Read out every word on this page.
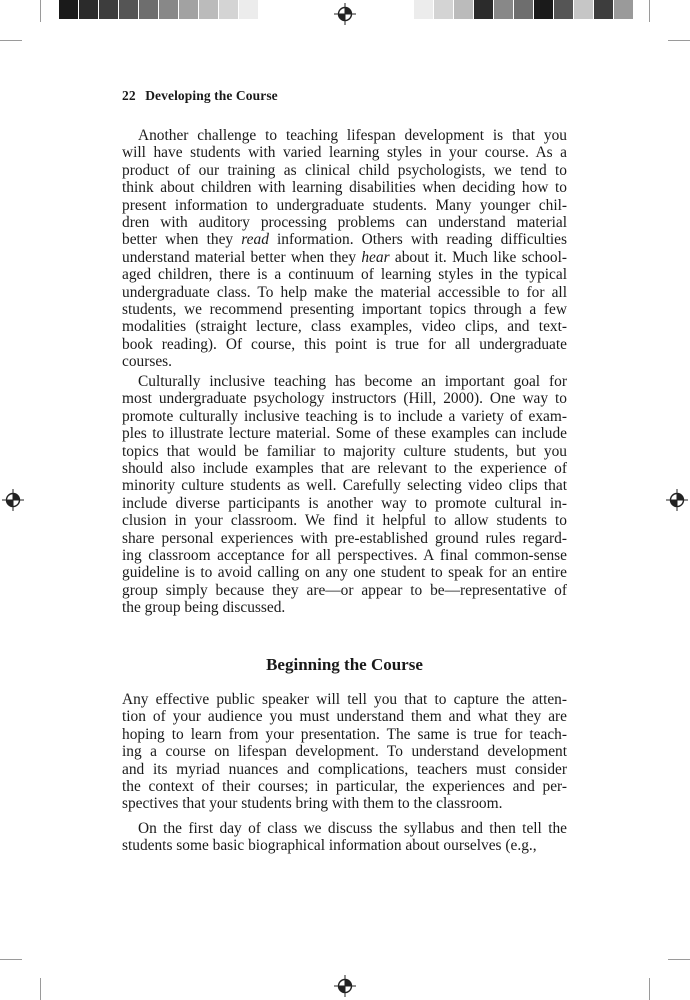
22 Developing the Course
Another challenge to teaching lifespan development is that you
will have students with varied learning styles in your course. As a
product of our training as clinical child psychologists, we tend to
think about children with learning disabilities when deciding how to
present information to undergraduate students. Many younger chil-
dren with auditory processing problems can understand material
better when they read information. Others with reading difficulties
understand material better when they hear about it. Much like school-
aged children, there is a continuum of learning styles in the typical
undergraduate class. To help make the material accessible to for all
students, we recommend presenting important topics through a few
modalities (straight lecture, class examples, video clips, and text-
book reading). Of course, this point is true for all undergraduate
courses.
Culturally inclusive teaching has become an important goal for
most undergraduate psychology instructors (Hill, 2000). One way to
promote culturally inclusive teaching is to include a variety of exam-
ples to illustrate lecture material. Some of these examples can include
topics that would be familiar to majority culture students, but you
should also include examples that are relevant to the experience of
minority culture students as well. Carefully selecting video clips that
include diverse participants is another way to promote cultural in-
clusion in your classroom. We find it helpful to allow students to
share personal experiences with pre-established ground rules regard-
ing classroom acceptance for all perspectives. A final common-sense
guideline is to avoid calling on any one student to speak for an entire
group simply because they are—or appear to be—representative of
the group being discussed.
Beginning the Course
Any effective public speaker will tell you that to capture the atten-
tion of your audience you must understand them and what they are
hoping to learn from your presentation. The same is true for teach-
ing a course on lifespan development. To understand development
and its myriad nuances and complications, teachers must consider
the context of their courses; in particular, the experiences and per-
spectives that your students bring with them to the classroom.
On the first day of class we discuss the syllabus and then tell the
students some basic biographical information about ourselves (e.g.,
